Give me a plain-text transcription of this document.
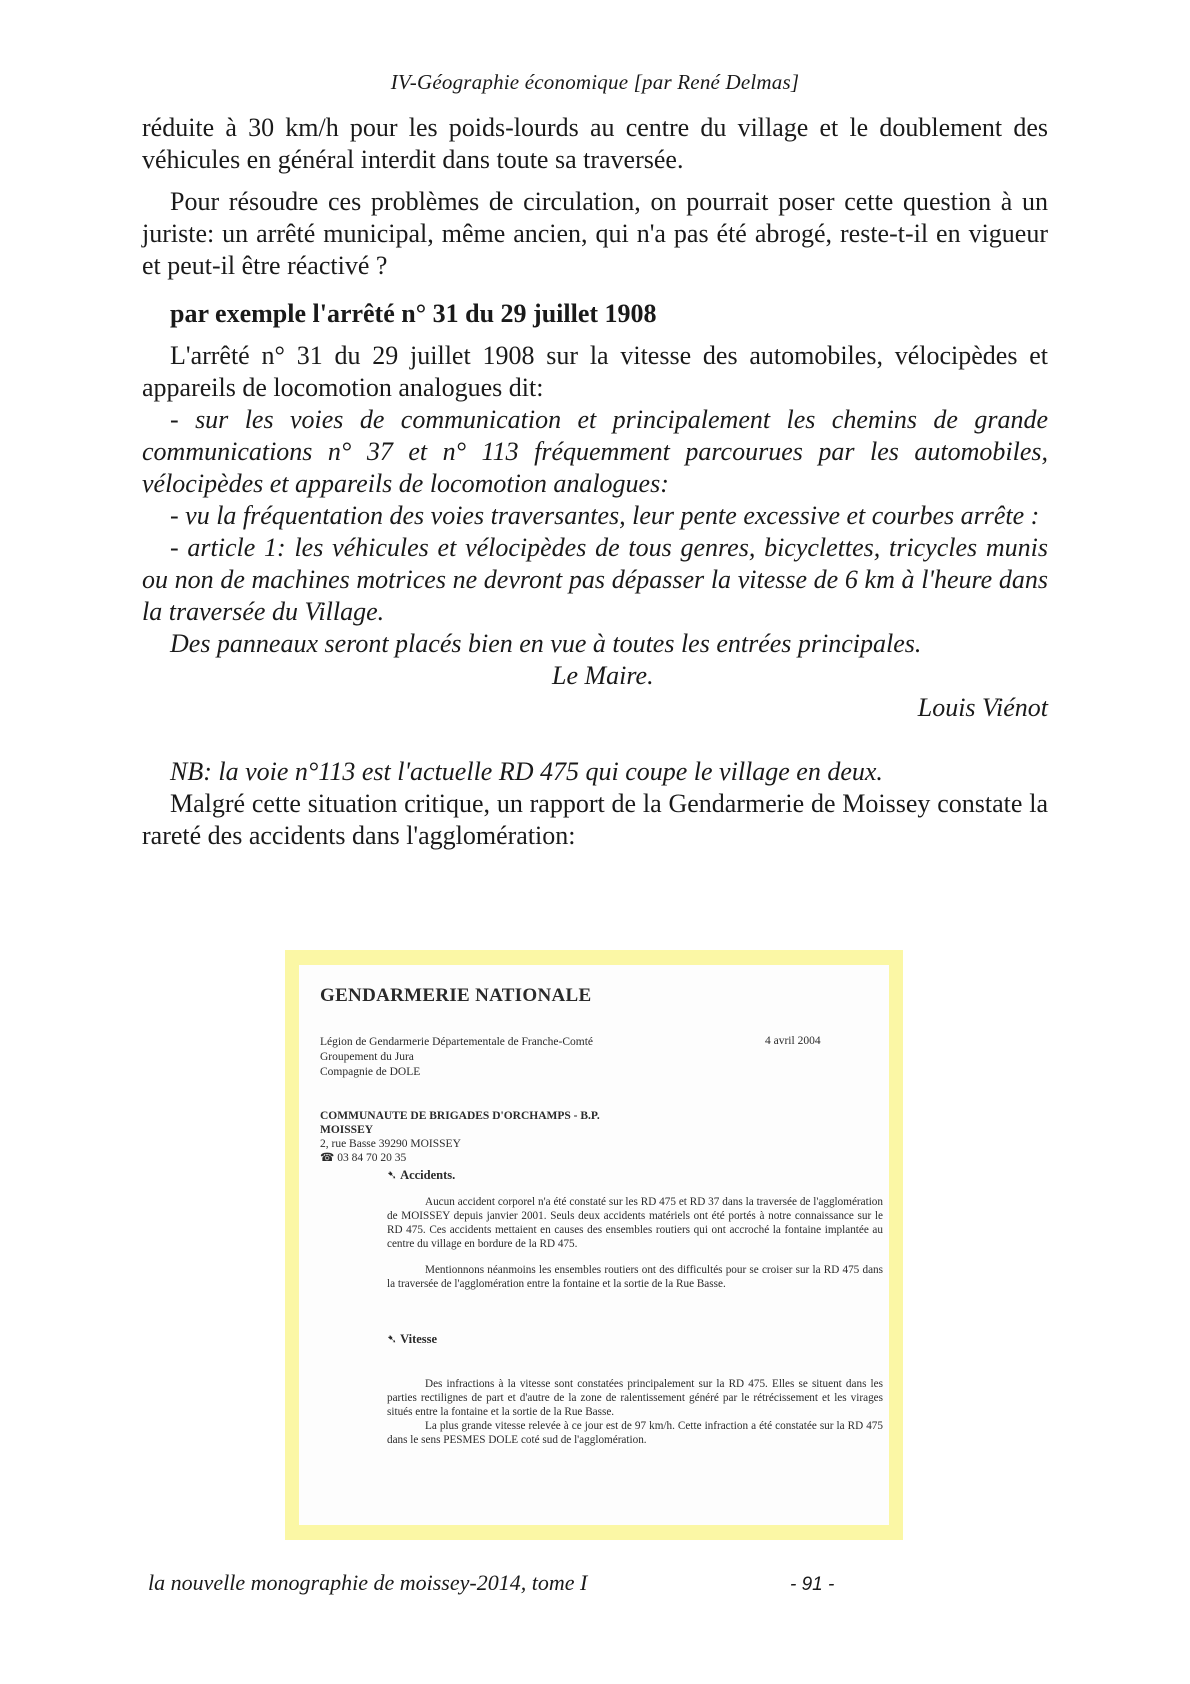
IV-Géographie économique [par René Delmas]

réduite à 30 km/h pour les poids-lourds au centre du village et le doublement des véhicules en général interdit dans toute sa traversée.

Pour résoudre ces problèmes de circulation, on pourrait poser cette question à un juriste: un arrêté municipal, même ancien, qui n'a pas été abrogé, reste-t-il en vigueur et peut-il être réactivé ?

par exemple l'arrêté n° 31 du 29 juillet 1908

L'arrêté n° 31 du 29 juillet 1908 sur la vitesse des automobiles, vélocipèdes et appareils de locomotion analogues dit:

- sur les voies de communication et principalement les chemins de grande communications n° 37 et n° 113 fréquemment parcourues par les automobiles, vélocipèdes et appareils de locomotion analogues:

- vu la fréquentation des voies traversantes, leur pente excessive et courbes arrête :

- article 1: les véhicules et vélocipèdes de tous genres, bicyclettes, tricycles munis ou non de machines motrices ne devront pas dépasser la vitesse de 6 km à l'heure dans la traversée du Village.

Des panneaux seront placés bien en vue à toutes les entrées principales.

Le Maire.

Louis Viénot

NB: la voie n°113 est l'actuelle RD 475 qui coupe le village en deux.

Malgré cette situation critique, un rapport de la Gendarmerie de Moissey constate la rareté des accidents dans l'agglomération:

GENDARMERIE NATIONALE
Légion de Gendarmerie Départementale de Franche-Comté
Groupement du Jura
Compagnie de DOLE
4 avril 2004
COMMUNAUTE DE BRIGADES D'ORCHAMPS - B.P. MOISSEY
2, rue Basse 39290 MOISSEY
☎ 03 84 70 20 35
➷ Accidents.

Aucun accident corporel n'a été constaté sur les RD 475 et RD 37 dans la traversée de l'agglomération de MOISSEY depuis janvier 2001. Seuls deux accidents matériels ont été portés à notre connaissance sur le RD 475. Ces accidents mettaient en causes des ensembles routiers qui ont accroché la fontaine implantée au centre du village en bordure de la RD 475.

Mentionnons néanmoins les ensembles routiers ont des difficultés pour se croiser sur la RD 475 dans la traversée de l'agglomération entre la fontaine et la sortie de la Rue Basse.

➷ Vitesse

Des infractions à la vitesse sont constatées principalement sur la RD 475. Elles se situent dans les parties rectilignes de part et d'autre de la zone de ralentissement généré par le rétrécissement et les virages situés entre la fontaine et la sortie de la Rue Basse.

La plus grande vitesse relevée à ce jour est de 97 km/h. Cette infraction a été constatée sur la RD 475 dans le sens PESMES DOLE coté sud de l'agglomération.

la nouvelle monographie de moissey-2014, tome I	- 91 -
